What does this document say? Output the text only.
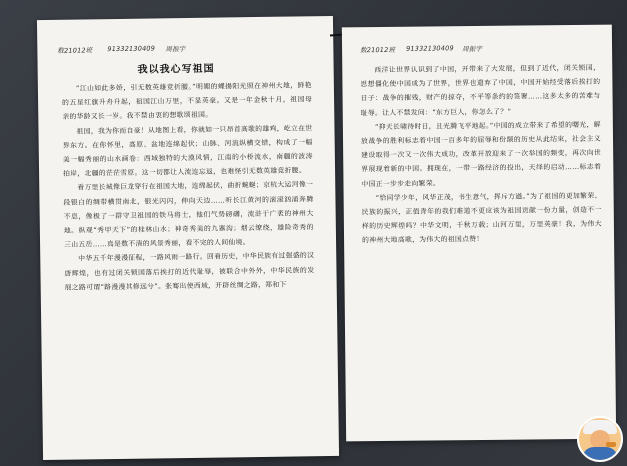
数21012班 91332130409 周振宇
我以我心写祖国

“江山如此多娇，引无数英雄竞折腰。”明媚的蝶揚阳光照在神州大地，鲜艳的五星红旗升舟升起，祖国江山万里，不显英豪。又是一年金秋十月，祖国母亲的华龄又长一岁。我不禁由衷的想歌颂祖国。

祖国，我为你而自豪！从地图上看，你就如一只昂首高歌的雄鸡，屹立在世界东方。在你怀里，高原、盆地连绵起伏；山脉、河流纵横交错，构成了一幅美一幅秀丽的山水画卷：西域独特的大漠风情，江南的小桥流水，南疆的波涛拍岸，北疆的茫茫雪原。这一切都让人流连忘返，也难怪引无数英雄竞折腰。

看万里长城像巨龙穿行在祖国大地，连绵起伏，曲折蜿蜒；京杭大运河像一段银白的绸带横贯南北，银光闪闪，伸向天边……听长江黄河的滚滚汹涌奔腾不息，像极了一群守卫祖国的铁马将士，他们气势磅礴，流浒于广袤的神州大地。纵观“秀甲天下”的桂林山水；神奇秀美的九寨沟；烟云缭绕，雄险奇秀的三山五岳……真是数不清的风景秀丽，看不完的人间仙境。

中华五千年漫漫征程，一路风雨一路行。回看历史，中华民族有过强盛的汉唐辉煌，也有过闭关锁国落后挨打的近代耻辱，被联合中外外，中华民族的发展之路可谓“路漫漫其修远兮”。张骞出使西域，开辟丝绸之路，郑和下

数21012班 91332130409 周振宇

西洋让世界认识到了中国，开带来了大发展，但到了近代，闭关锁国，思想僵化使中国成为了世界，世界也遗弃了中国，中国开始经受落后挨打的日子：战争的摧残，财产的掠夺，不平等条约的签署……这多太多的苦难与耻辱。让人不禁发问：“东方巨人，你怎么了？”

“抑天长啸待时日，且光腾飞平地起。”中国的成立带来了希望的曙光，解放战争的胜利标志着中国一百多年的屈辱和份额的历史从此结束，社会主义建设取得一次又一次伟大成功，改革开放迎来了一次举国的频变，再次向世界展现着新的中国。拥现在，一带一路经济的投出，天绎的启动……标志着中国正一步步走向繁荣。

“恰同学少年，风华正茂，书生意气，挥斥方遒。”为了祖国的更加繁荣、民族的振兴，正值青年的我们难道不更应该为祖国贡献一份力量，创造不一样的历史辉煌吗？中华文明，千秋万载；山河万里，万里英豪！我，为伟大的神州大地高歌，为伟大的祖国点赞！
